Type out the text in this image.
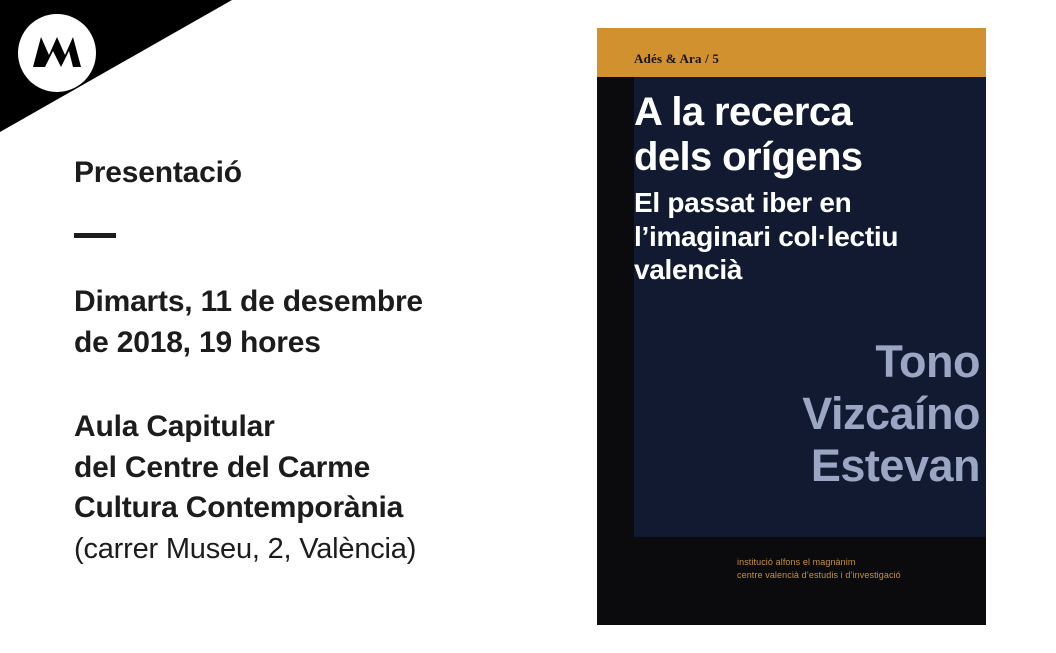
Presentació

Dimarts, 11 de desembre
de 2018, 19 hores

Aula Capitular
del Centre del Carme
Cultura Contemporània
(carrer Museu, 2, València)

Adés & Ara / 5
A la recerca
dels orígens
El passat iber en
l’imaginari col·lectiu
valencià
Tono
Vizcaíno
Estevan
institució alfons el magnànim
centre valencià d’estudis i d’investigació
